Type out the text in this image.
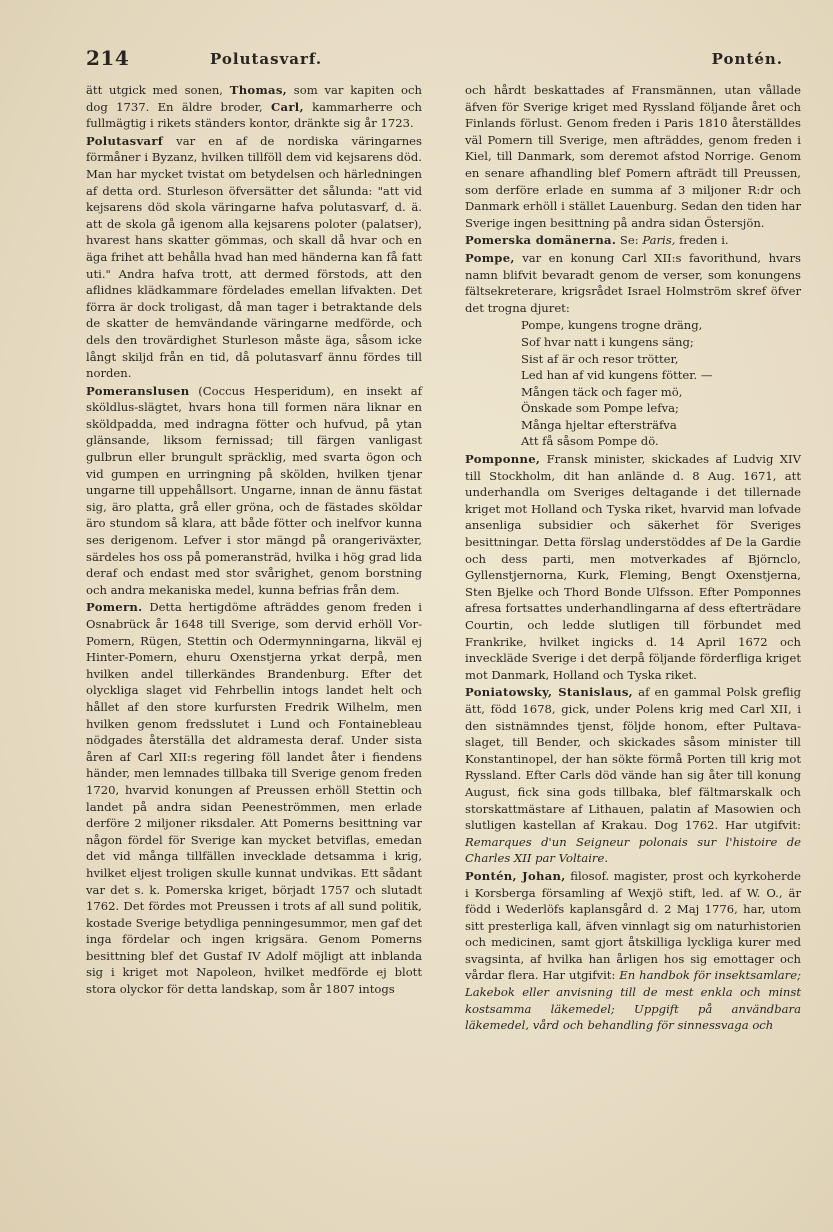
214	Polutasvarf.	Pontén.

ätt utgick med sonen, Thomas, som var kapiten och dog 1737. En äldre broder, Carl, kammarherre och fullmägtig i rikets ständers kontor, dränkte sig år 1723.

Polutasvarf var en af de nordiska väringarnes förmåner i Byzanz, hvilken tillföll dem vid kejsarens död. Man har mycket tvistat om betydelsen och härledningen af detta ord. Sturleson öfversätter det sålunda: "att vid kejsarens död skola väringarne hafva polutasvarf, d. ä. att de skola gå igenom alla kejsarens poloter (palatser), hvarest hans skatter gömmas, och skall då hvar och en äga frihet att behålla hvad han med händerna kan få fatt uti." Andra hafva trott, att dermed förstods, att den aflidnes klädkammare fördelades emellan lifvakten. Det förra är dock troligast, då man tager i betraktande dels de skatter de hemvändande väringarne medförde, och dels den trovärdighet Sturleson måste äga, såsom icke långt skiljd från en tid, då polutasvarf ännu fördes till norden.

Pomeranslusen (Coccus Hesperidum), en insekt af sköldlus-slägtet, hvars hona till formen nära liknar en sköldpadda, med indragna fötter och hufvud, på ytan glänsande, liksom fernissad; till färgen vanligast gulbrun eller brungult spräcklig, med svarta ögon och vid gumpen en urringning på skölden, hvilken tjenar ungarne till uppehållsort. Ungarne, innan de ännu fästat sig, äro platta, grå eller gröna, och de fästades sköldar äro stundom så klara, att både fötter och inelfvor kunna ses derigenom. Lefver i stor mängd på orangeriväxter, särdeles hos oss på pomeransträd, hvilka i hög grad lida deraf och endast med stor svårighet, genom borstning och andra mekaniska medel, kunna befrias från dem.

Pomern. Detta hertigdöme afträddes genom freden i Osnabrück år 1648 till Sverige, som dervid erhöll Vor-Pomern, Rügen, Stettin och Odermynningarna, likväl ej Hinter-Pomern, ehuru Oxenstjerna yrkat derpå, men hvilken andel tillerkändes Brandenburg. Efter det olyckliga slaget vid Fehrbellin intogs landet helt och hållet af den store kurfursten Fredrik Wilhelm, men hvilken genom fredsslutet i Lund och Fontainebleau nödgades återställa det aldramesta deraf. Under sista åren af Carl XII:s regering föll landet åter i fiendens händer, men lemnades tillbaka till Sverige genom freden 1720, hvarvid konungen af Preussen erhöll Stettin och landet på andra sidan Peeneströmmen, men erlade derföre 2 miljoner riksdaler. Att Pomerns besittning var någon fördel för Sverige kan mycket betviflas, emedan det vid många tillfällen invecklade detsamma i krig, hvilket eljest troligen skulle kunnat undvikas. Ett sådant var det s. k. Pomerska kriget, börjadt 1757 och slutadt 1762. Det fördes mot Preussen i trots af all sund politik, kostade Sverige betydliga penningesummor, men gaf det inga fördelar och ingen krigsära. Genom Pomerns besittning blef det Gustaf IV Adolf möjligt att inblanda sig i kriget mot Napoleon, hvilket medförde ej blott stora olyckor för detta landskap, som år 1807 intogs

och hårdt beskattades af Fransmännen, utan vållade äfven för Sverige kriget med Ryssland följande året och Finlands förlust. Genom freden i Paris 1810 återställdes väl Pomern till Sverige, men afträddes, genom freden i Kiel, till Danmark, som deremot afstod Norrige. Genom en senare afhandling blef Pomern afträdt till Preussen, som derföre erlade en summa af 3 miljoner R:dr och Danmark erhöll i stället Lauenburg. Sedan den tiden har Sverige ingen besittning på andra sidan Östersjön.

Pomerska domänerna. Se: Paris, freden i.

Pompe, var en konung Carl XII:s favorithund, hvars namn blifvit bevaradt genom de verser, som konungens fältsekreterare, krigsrådet Israel Holmström skref öfver det trogna djuret:

Pompe, kungens trogne dräng,
Sof hvar natt i kungens säng;
Sist af är och resor trötter,
Led han af vid kungens fötter. —
Mången täck och fager mö,
Önskade som Pompe lefva;
Många hjeltar eftersträfva
Att få såsom Pompe dö.

Pomponne, Fransk minister, skickades af Ludvig XIV till Stockholm, dit han anlände d. 8 Aug. 1671, att underhandla om Sveriges deltagande i det tillernade kriget mot Holland och Tyska riket, hvarvid man lofvade ansenliga subsidier och säkerhet för Sveriges besittningar. Detta förslag understöddes af De la Gardie och dess parti, men motverkades af Björnclo, Gyllenstjernorna, Kurk, Fleming, Bengt Oxenstjerna, Sten Bjelke och Thord Bonde Ulfsson. Efter Pomponnes afresa fortsattes underhandlingarna af dess efterträdare Courtin, och ledde slutligen till förbundet med Frankrike, hvilket ingicks d. 14 April 1672 och inveckläde Sverige i det derpå följande förderfliga kriget mot Danmark, Holland och Tyska riket.

Poniatowsky, Stanislaus, af en gammal Polsk grefl̈ig ätt, född 1678, gick, under Polens krig med Carl XII, i den sistnämndes tjenst, följde honom, efter Pultava-slaget, till Bender, och skickades såsom minister till Konstantinopel, der han sökte förmå Porten till krig mot Ryssland. Efter Carls död vände han sig åter till konung August, fick sina gods tillbaka, blef fältmarskalk och storskattmästare af Lithauen, palatin af Masowien och slutligen kastellan af Krakau. Dog 1762. Har utgifvit: Remarques d'un Seigneur polonais sur l'histoire de Charles XII par Voltaire.

Pontén, Johan, filosof. magister, prost och kyrkoherde i Korsberga församling af Wexjö stift, led. af W. O., är född i Wederlöfs kaplansgård d. 2 Maj 1776, har, utom sitt presterliga kall, äfven vinnlagt sig om naturhistorien och medicinen, samt gjort åtskilliga lyckliga kurer med svagsinta, af hvilka han årligen hos sig emottager och vårdar flera. Har utgifvit: En handbok för insektsamlare; Lakebok eller anvisning till de mest enkla och minst kostsamma läkemedel; Uppgift på användbara läkemedel, vård och behandling för sinnessvaga och
